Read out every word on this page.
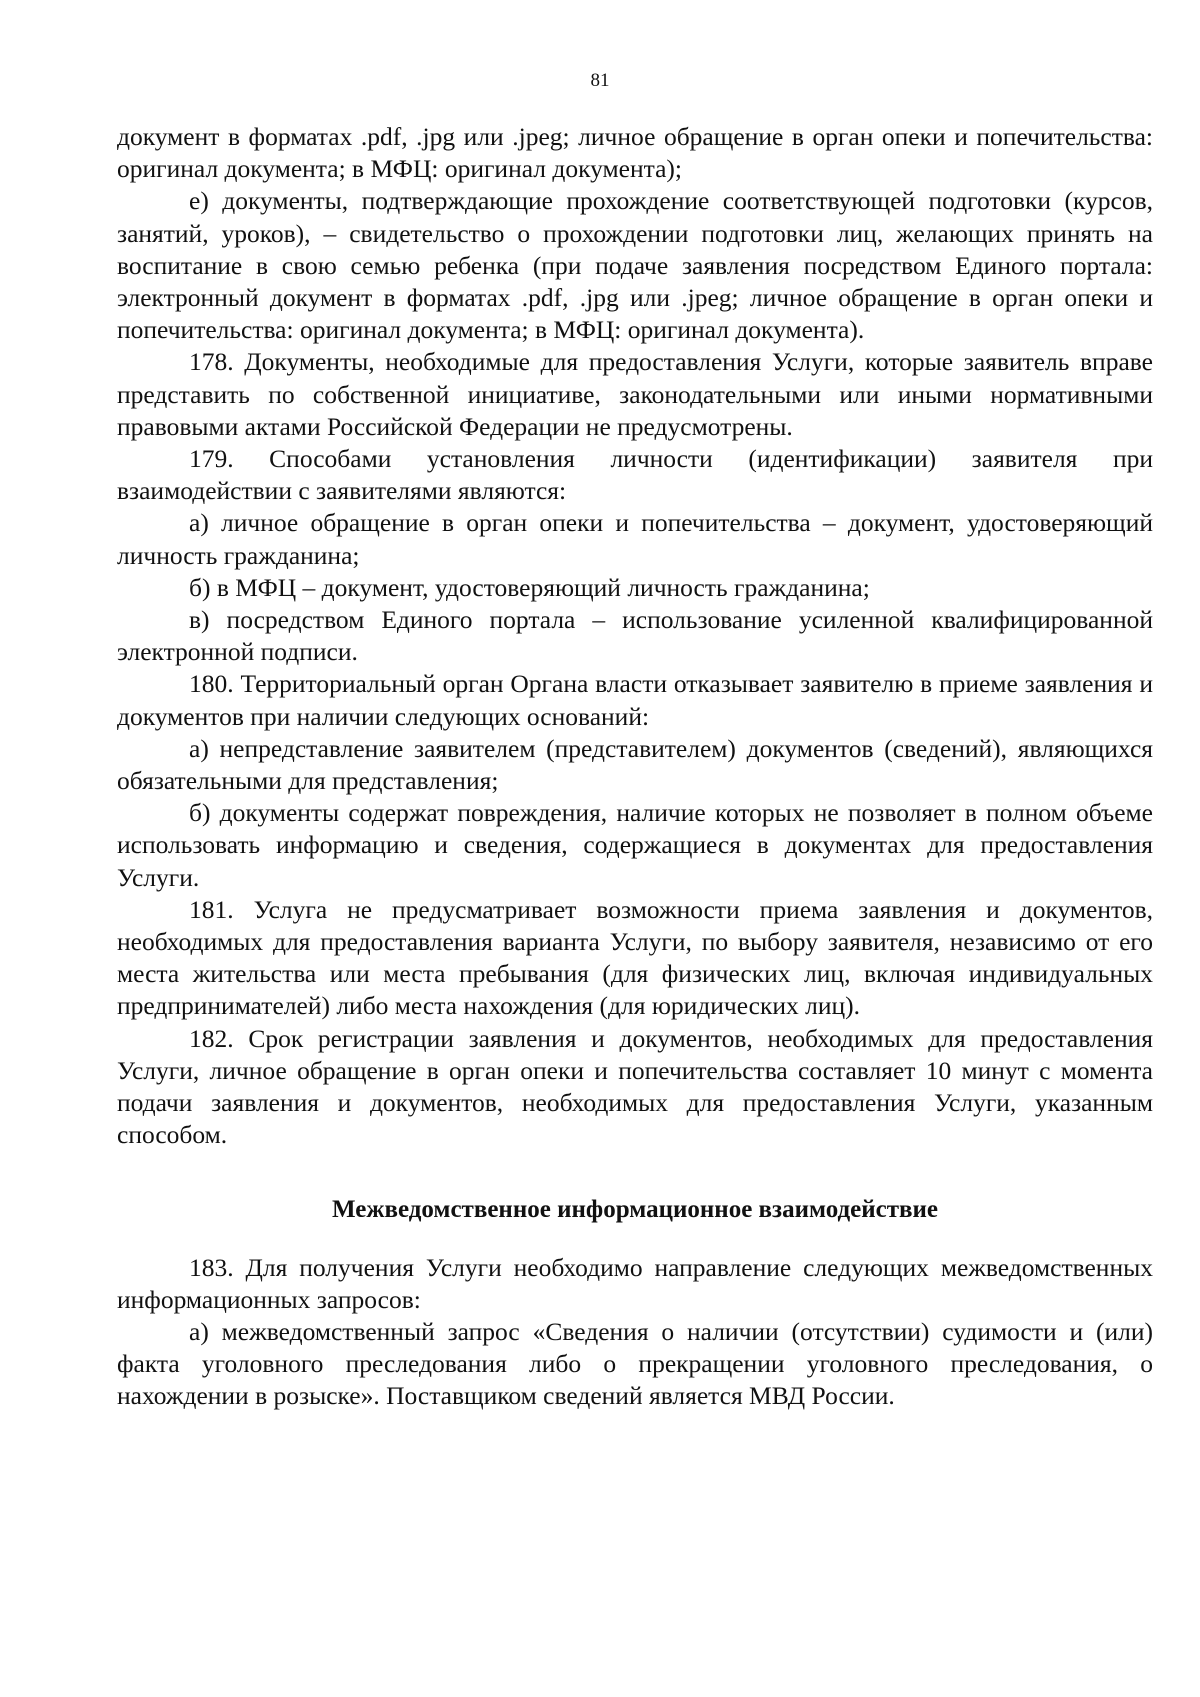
81

документ в форматах .pdf, .jpg или .jpeg; личное обращение в орган опеки и попечительства: оригинал документа; в МФЦ: оригинал документа);

е) документы, подтверждающие прохождение соответствующей подготовки (курсов, занятий, уроков), – свидетельство о прохождении подготовки лиц, желающих принять на воспитание в свою семью ребенка (при подаче заявления посредством Единого портала: электронный документ в форматах .pdf, .jpg или .jpeg; личное обращение в орган опеки и попечительства: оригинал документа; в МФЦ: оригинал документа).

178. Документы, необходимые для предоставления Услуги, которые заявитель вправе представить по собственной инициативе, законодательными или иными нормативными правовыми актами Российской Федерации не предусмотрены.

179. Способами установления личности (идентификации) заявителя при взаимодействии с заявителями являются:

а) личное обращение в орган опеки и попечительства – документ, удостоверяющий личность гражданина;

б) в МФЦ – документ, удостоверяющий личность гражданина;

в) посредством Единого портала – использование усиленной квалифицированной электронной подписи.

180. Территориальный орган Органа власти отказывает заявителю в приеме заявления и документов при наличии следующих оснований:

а) непредставление заявителем (представителем) документов (сведений), являющихся обязательными для представления;

б) документы содержат повреждения, наличие которых не позволяет в полном объеме использовать информацию и сведения, содержащиеся в документах для предоставления Услуги.

181. Услуга не предусматривает возможности приема заявления и документов, необходимых для предоставления варианта Услуги, по выбору заявителя, независимо от его места жительства или места пребывания (для физических лиц, включая индивидуальных предпринимателей) либо места нахождения (для юридических лиц).

182. Срок регистрации заявления и документов, необходимых для предоставления Услуги, личное обращение в орган опеки и попечительства составляет 10 минут с момента подачи заявления и документов, необходимых для предоставления Услуги, указанным способом.

Межведомственное информационное взаимодействие

183. Для получения Услуги необходимо направление следующих межведомственных информационных запросов:

а) межведомственный запрос «Сведения о наличии (отсутствии) судимости и (или) факта уголовного преследования либо о прекращении уголовного преследования, о нахождении в розыске». Поставщиком сведений является МВД России.
